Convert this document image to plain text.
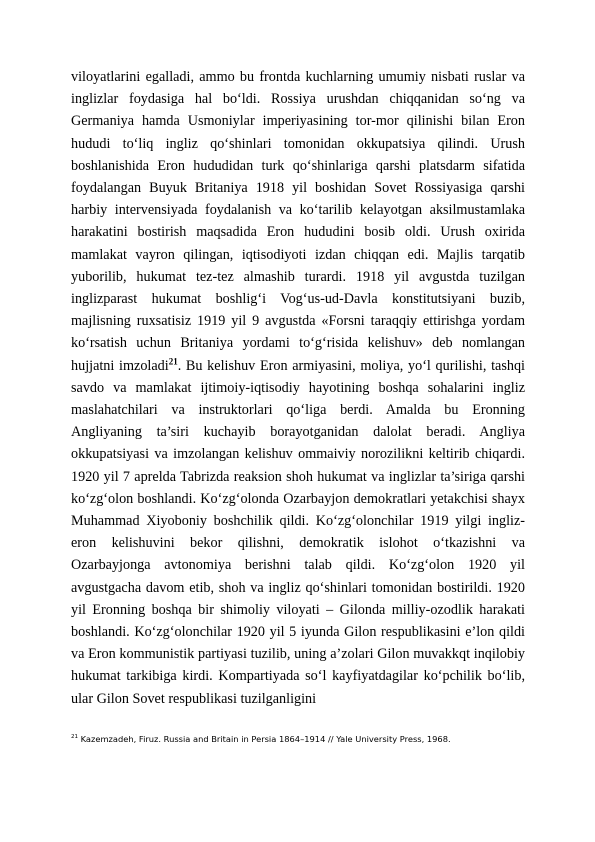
viloyatlarini egalladi, ammo bu frontda kuchlarning umumiy nisbati ruslar va inglizlar foydasiga hal bo‘ldi. Rossiya urushdan chiqqanidan so‘ng va Germaniya hamda Usmoniylar imperiyasining tor-mor qilinishi bilan Eron hududi to‘liq ingliz qo‘shinlari tomonidan okkupatsiya qilindi. Urush boshlanishida Eron hududidan turk qo‘shinlariga qarshi platsdarm sifatida foydalangan Buyuk Britaniya 1918 yil boshidan Sovet Rossiyasiga qarshi harbiy intervensiyada foydalanish va ko‘tarilib kelayotgan aksilmustamlaka harakatini bostirish maqsadida Eron hududini bosib oldi. Urush oxirida mamlakat vayron qilingan, iqtisodiyoti izdan chiqqan edi. Majlis tarqatib yuborilib, hukumat tez-tez almashib turardi. 1918 yil avgustda tuzilgan inglizparast hukumat boshlig‘i Vog‘us-ud-Davla konstitutsiyani buzib, majlisning ruxsatisiz 1919 yil 9 avgustda «Forsni taraqqiy ettirishga yordam ko‘rsatish uchun Britaniya yordami to‘g‘risida kelishuv» deb nomlangan hujjatni imzoladi$^{21}$. Bu kelishuv Eron armiyasini, moliya, yo‘l qurilishi, tashqi savdo va mamlakat ijtimoiy-iqtisodiy hayotining boshqa sohalarini ingliz maslahatchilari va instruktorlari qo‘liga berdi. Amalda bu Eronning Angliyaning ta’siri kuchayib borayotganidan dalolat beradi. Angliya okkupatsiyasi va imzolangan kelishuv ommaiviy norozilikni keltirib chiqardi. 1920 yil 7 aprelda Tabrizda reaksion shoh hukumat va inglizlar ta’siriga qarshi ko‘zg‘olon boshlandi. Ko‘zg‘olonda Ozarbayjon demokratlari yetakchisi shayx Muhammad Xiyoboniy boshchilik qildi. Ko‘zg‘olonchilar 1919 yilgi ingliz-eron kelishuvini bekor qilishni, demokratik islohot o‘tkazishni va Ozarbayjonga avtonomiya berishni talab qildi. Ko‘zg‘olon 1920 yil avgustgacha davom etib, shoh va ingliz qo‘shinlari tomonidan bostirildi. 1920 yil Eronning boshqa bir shimoliy viloyati – Gilonda milliy-ozodlik harakati boshlandi. Ko‘zg‘olonchilar 1920 yil 5 iyunda Gilon respublikasini e’lon qildi va Eron kommunistik partiyasi tuzilib, uning a’zolari Gilon muvakkqt inqilobiy hukumat tarkibiga kirdi. Kompartiyada so‘l kayfiyatdagilar ko‘pchilik bo‘lib, ular Gilon Sovet respublikasi tuzilganligini

$^{21}$ Kazemzadeh, Firuz. Russia and Britain in Persia 1864–1914 // Yale University Press, 1968.
